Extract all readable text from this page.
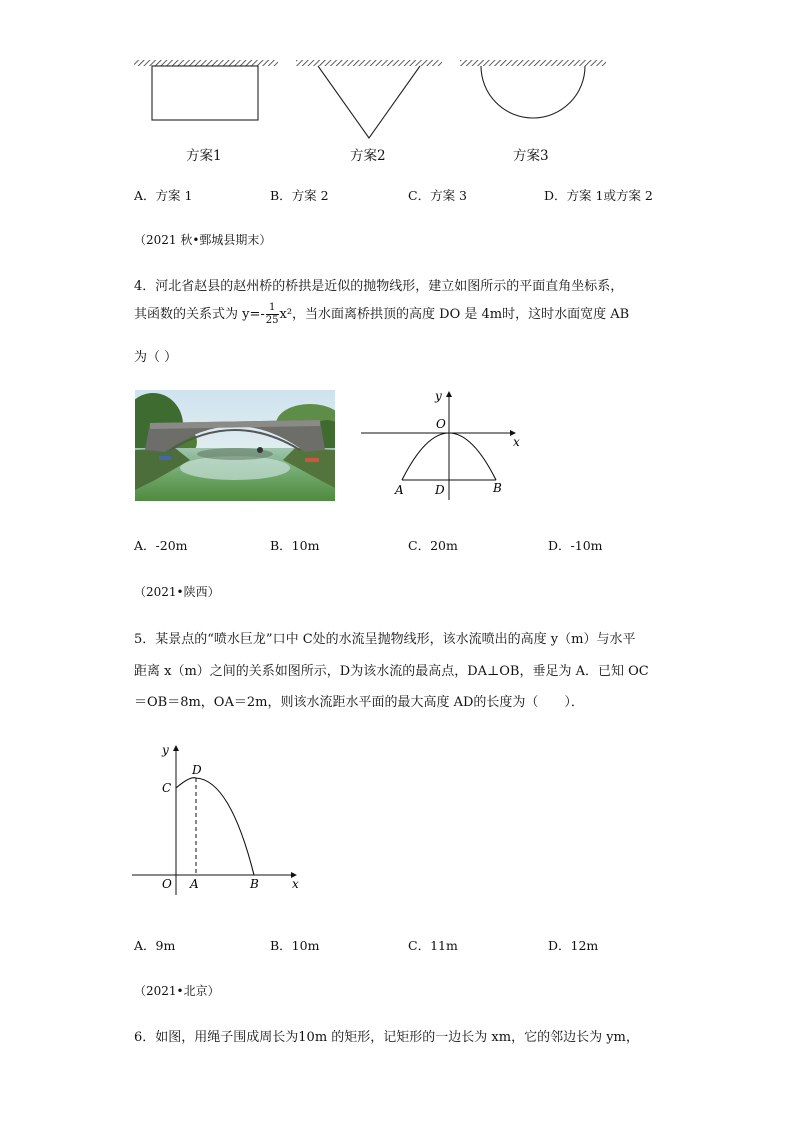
方案1	方案2	方案3
A．方案 1	B．方案 2	C．方案 3	D．方案 1或方案 2
（2021 秋•鄄城县期末）
4．河北省赵县的赵州桥的桥拱是近似的抛物线形，建立如图所示的平面直角坐标系，
其函数的关系式为 $y=- \frac{1}{25} x^2$，当水面离桥拱顶的高度 DO 是 4m时，这时水面宽度 AB
为（ ）
y
x
O
A	D	B
A．-20m	B．10m	C．20m	D．-10m
（2021•陕西）
5．某景点的“喷水巨龙”口中 C处的水流呈抛物线形，该水流喷出的高度 y（m）与水平
距离 x（m）之间的关系如图所示，D为该水流的最高点，DA⊥OB，垂足为 A．已知 OC
＝OB＝8m，OA＝2m，则该水流距水平面的最大高度 AD的长度为（　　）．
y
x
O A	B
C
D
A．9m	B．10m	C．11m	D．12m
（2021•北京）
6．如图，用绳子围成周长为10m 的矩形，记矩形的一边长为 xm，它的邻边长为 ym，
